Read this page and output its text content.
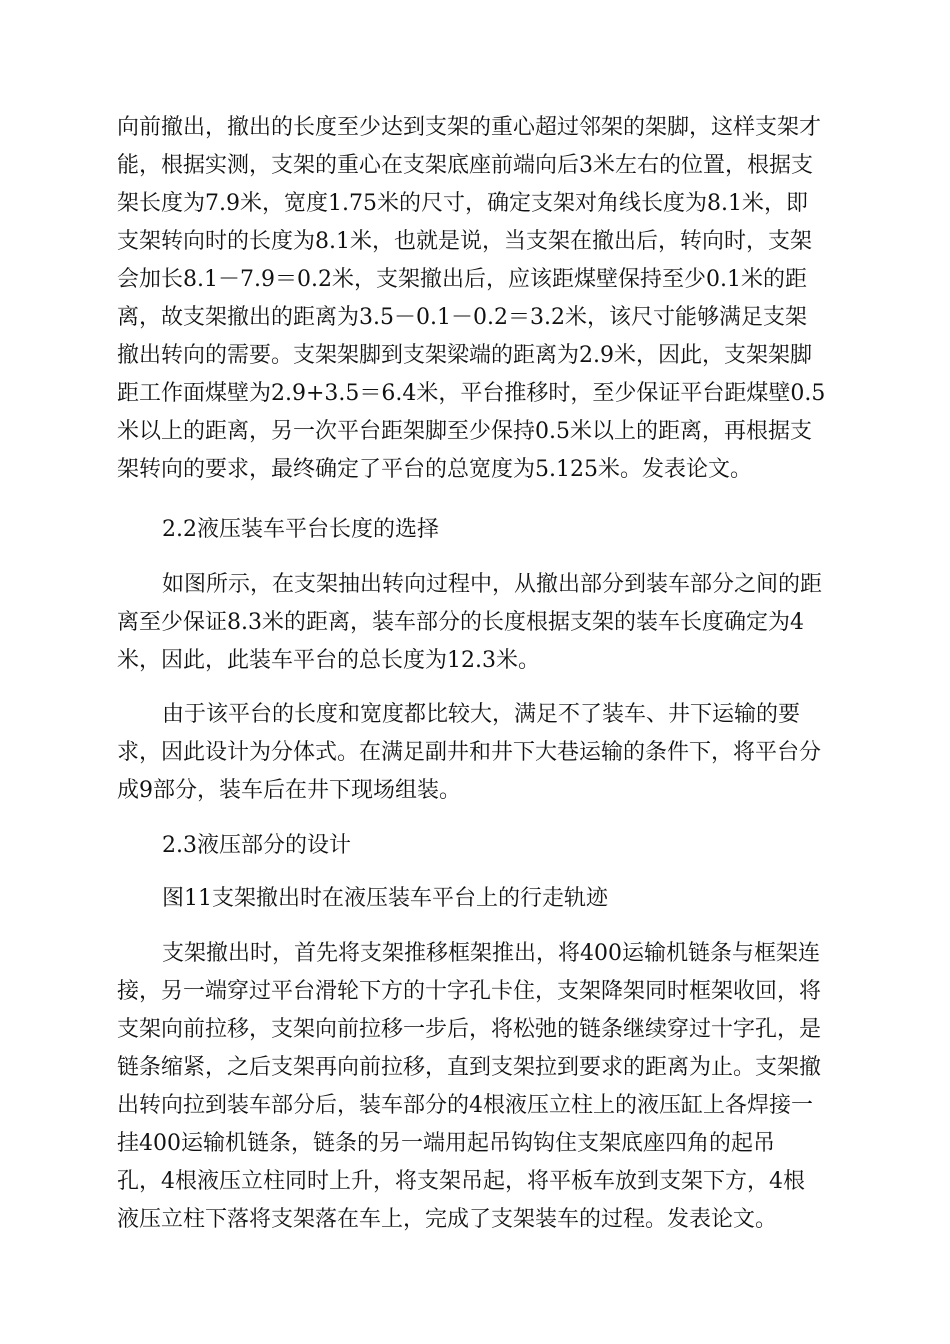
向前撤出，撤出的长度至少达到支架的重心超过邻架的架脚，这样支架才
能，根据实测，支架的重心在支架底座前端向后3米左右的位置，根据支
架长度为7.9米，宽度1.75米的尺寸，确定支架对角线长度为8.1米，即
支架转向时的长度为8.1米，也就是说，当支架在撤出后，转向时，支架
会加长8.1－7.9＝0.2米，支架撤出后，应该距煤壁保持至少0.1米的距
离，故支架撤出的距离为3.5－0.1－0.2＝3.2米，该尺寸能够满足支架
撤出转向的需要。支架架脚到支架梁端的距离为2.9米，因此，支架架脚
距工作面煤壁为2.9+3.5＝6.4米，平台推移时，至少保证平台距煤壁0.5
米以上的距离，另一次平台距架脚至少保持0.5米以上的距离，再根据支
架转向的要求，最终确定了平台的总宽度为5.125米。发表论文。
2.2液压装车平台长度的选择
如图所示，在支架抽出转向过程中，从撤出部分到装车部分之间的距
离至少保证8.3米的距离，装车部分的长度根据支架的装车长度确定为4
米，因此，此装车平台的总长度为12.3米。
由于该平台的长度和宽度都比较大，满足不了装车、井下运输的要
求，因此设计为分体式。在满足副井和井下大巷运输的条件下，将平台分
成9部分，装车后在井下现场组装。
2.3液压部分的设计
图11支架撤出时在液压装车平台上的行走轨迹
支架撤出时，首先将支架推移框架推出，将400运输机链条与框架连
接，另一端穿过平台滑轮下方的十字孔卡住，支架降架同时框架收回，将
支架向前拉移，支架向前拉移一步后，将松弛的链条继续穿过十字孔，是
链条缩紧，之后支架再向前拉移，直到支架拉到要求的距离为止。支架撤
出转向拉到装车部分后，装车部分的4根液压立柱上的液压缸上各焊接一
挂400运输机链条，链条的另一端用起吊钩钩住支架底座四角的起吊
孔，4根液压立柱同时上升，将支架吊起，将平板车放到支架下方，4根
液压立柱下落将支架落在车上，完成了支架装车的过程。发表论文。
